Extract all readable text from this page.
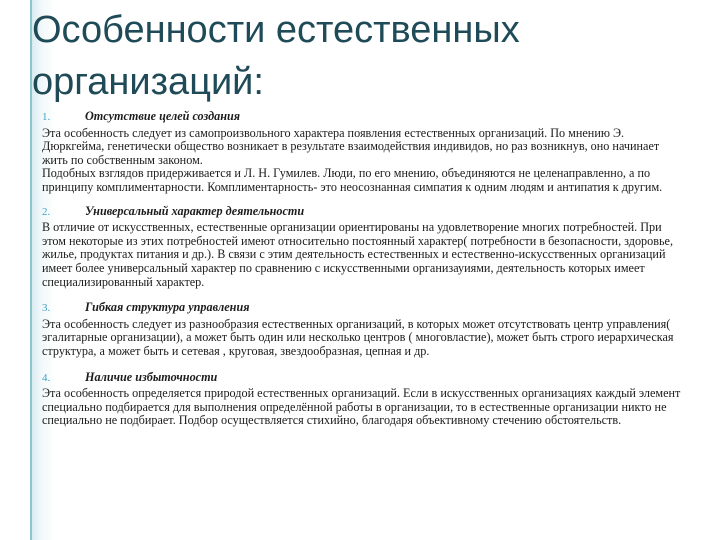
Особенности естественных
организаций:
1.	Отсутствие целей создания

Эта особенность следует из самопроизвольного характера появления естественных организаций. По мнению Э. Дюркгейма, генетически общество возникает в результате взаимодействия индивидов, но раз возникнув, оно начинает жить по собственным законом.

Подобных взглядов придерживается и Л. Н. Гумилев. Люди, по его мнению, объединяются не целенаправленно, а по принципу комплиментарности. Комплиментарность- это неосознанная симпатия к одним людям и антипатия к другим.

2.	Универсальный характер деятельности

В отличие от искусственных, естественные организации ориентированы на удовлетворение многих потребностей. При этом некоторые из этих потребностей имеют относительно постоянный характер( потребности в безопасности, здоровье, жилье, продуктах питания и др.). В связи с этим деятельность естественных и естественно-искусственных организаций имеет более универсальный характер по сравнению с искусственными организауиями, деятельность которых имеет специализированный характер.

3.	Гибкая структура управления

Эта особенность следует из разнообразия естественных организаций, в которых может отсутствовать центр управления( эгалитарные организации), а может быть один или несколько центров ( многовластие), может быть строго иерархическая структура, а может быть и сетевая , круговая, звездообразная, цепная и др.

4.	Наличие избыточности

Эта особенность определяется природой естественных организаций. Если в искусственных организациях каждый элемент специально подбирается для выполнения определённой работы в организации, то в естественные организации никто не специально не подбирает. Подбор осуществляется стихийно, благодаря объективному стечению обстоятельств.
